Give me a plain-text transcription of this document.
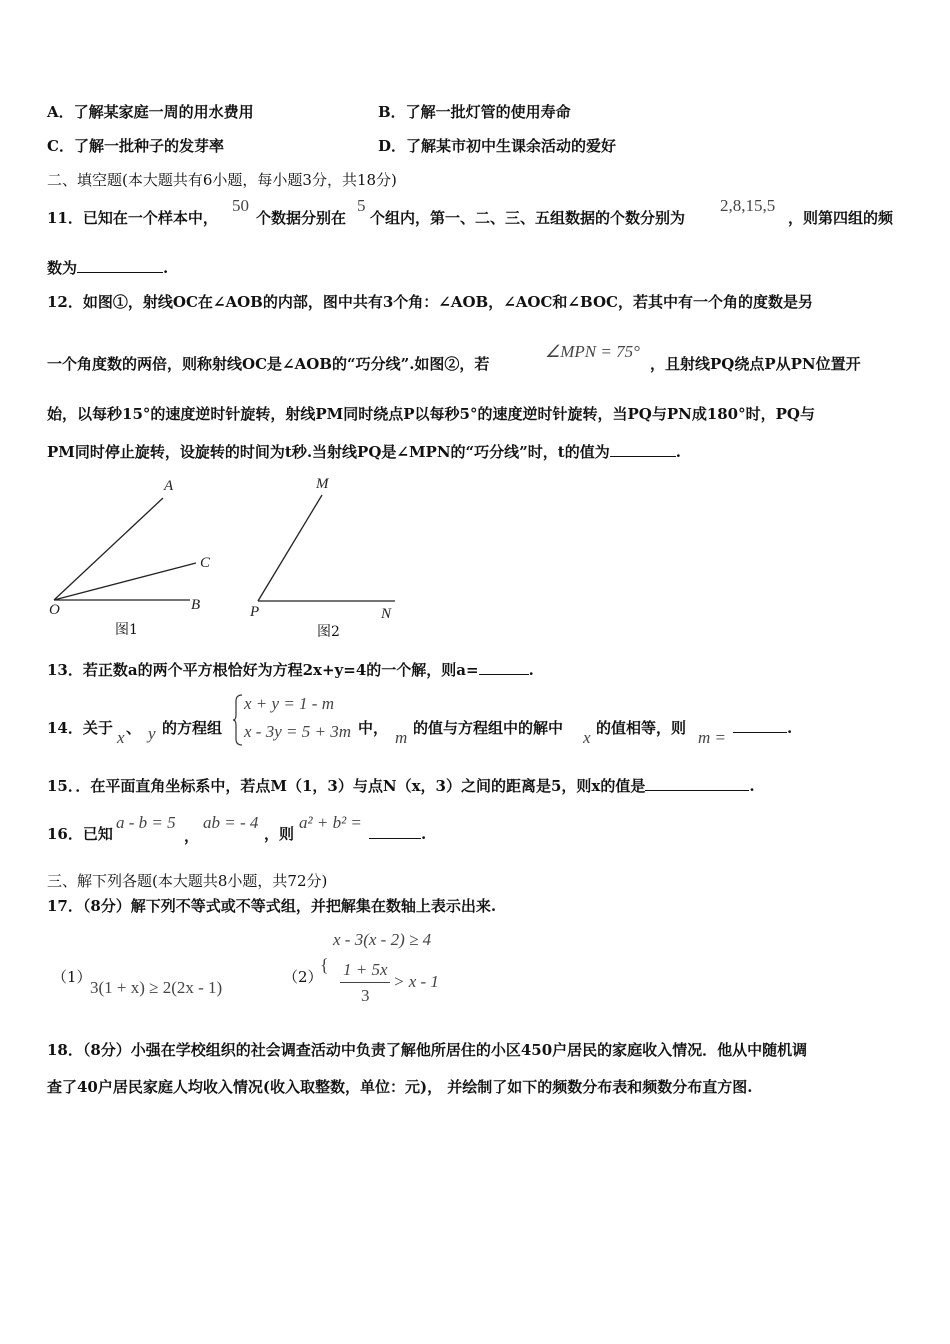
A．了解某家庭一周的用水费用	B．了解一批灯管的使用寿命
C．了解一批种子的发芽率	D．了解某市初中生课余活动的爱好
二、填空题(本大题共有6小题，每小题3分，共18分)
11．已知在一个样本中，
50
个数据分别在
5
个组内，第一、二、三、五组数据的个数分别为
2,8,15,5
，则第四组的频
数为	.
12．如图①，射线OC在∠AOB的内部，图中共有3个角：∠AOB，∠AOC和∠BOC，若其中有一个角的度数是另
一个角度数的两倍，则称射线OC是∠AOB的“巧分线”.如图②，若
∠MPN = 75°
，且射线PQ绕点P从PN位置开
始，以每秒15°的速度逆时针旋转，射线PM同时绕点P以每秒5°的速度逆时针旋转，当PQ与PN成180°时，PQ与
PM同时停止旋转，设旋转的时间为t秒.当射线PQ是∠MPN的“巧分线”时，t的值为	.
A
C
O	B
M
P	N
图1	图2
13．若正数a的两个平方根恰好为方程2x+y=4的一个解，则a=	.
14．关于 x 、 y 的方程组
x + y = 1 - m
x - 3y = 5 + 3m 中， m 的值与方程组中的解中 x 的值相等，则 m =	.
15．．在平面直角坐标系中，若点M（1，3）与点N（x，3）之间的距离是5，则x的值是	.
16．已知
a - b = 5
，
ab = - 4
，则
a² + b² =
.
三、解下列各题(本大题共8小题，共72分)
17．（8分）解下列不等式或不等式组，并把解集在数轴上表示出来.
（1）
3(1 + x) ≥ 2(2x - 1)
（2）
{
x - 3(x - 2) ≥ 4
1 + 5x
3
> x - 1
18．（8分）小强在学校组织的社会调查活动中负责了解他所居住的小区450户居民的家庭收入情况．他从中随机调
查了40户居民家庭人均收入情况(收入取整数，单位：元)， 并绘制了如下的频数分布表和频数分布直方图.
